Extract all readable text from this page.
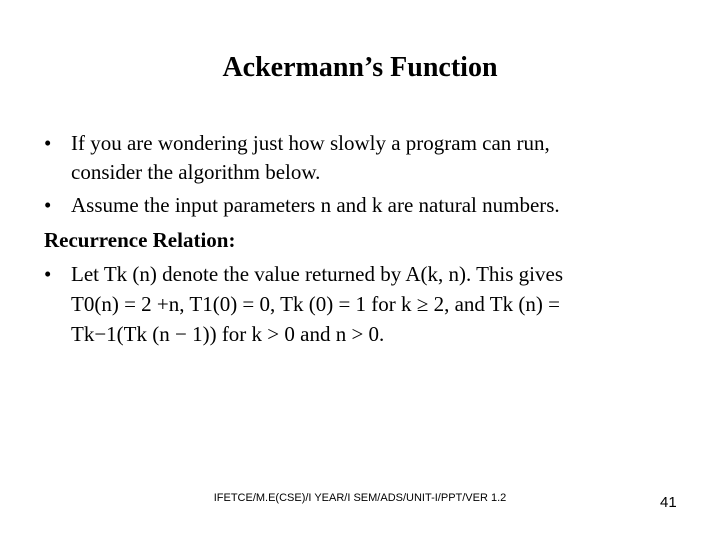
Ackermann’s Function
• If you are wondering just how slowly a program can run,
consider the algorithm below.
• Assume the input parameters n and k are natural numbers.
Recurrence Relation:
• Let Tk (n) denote the value returned by A(k, n). This gives
T0(n) = 2 +n, T1(0) = 0, Tk (0) = 1 for k ≥ 2, and Tk (n) =
Tk−1(Tk (n − 1)) for k > 0 and n > 0.
IFETCE/M.E(CSE)/I YEAR/I SEM/ADS/UNIT-I/PPT/VER 1.2	41
